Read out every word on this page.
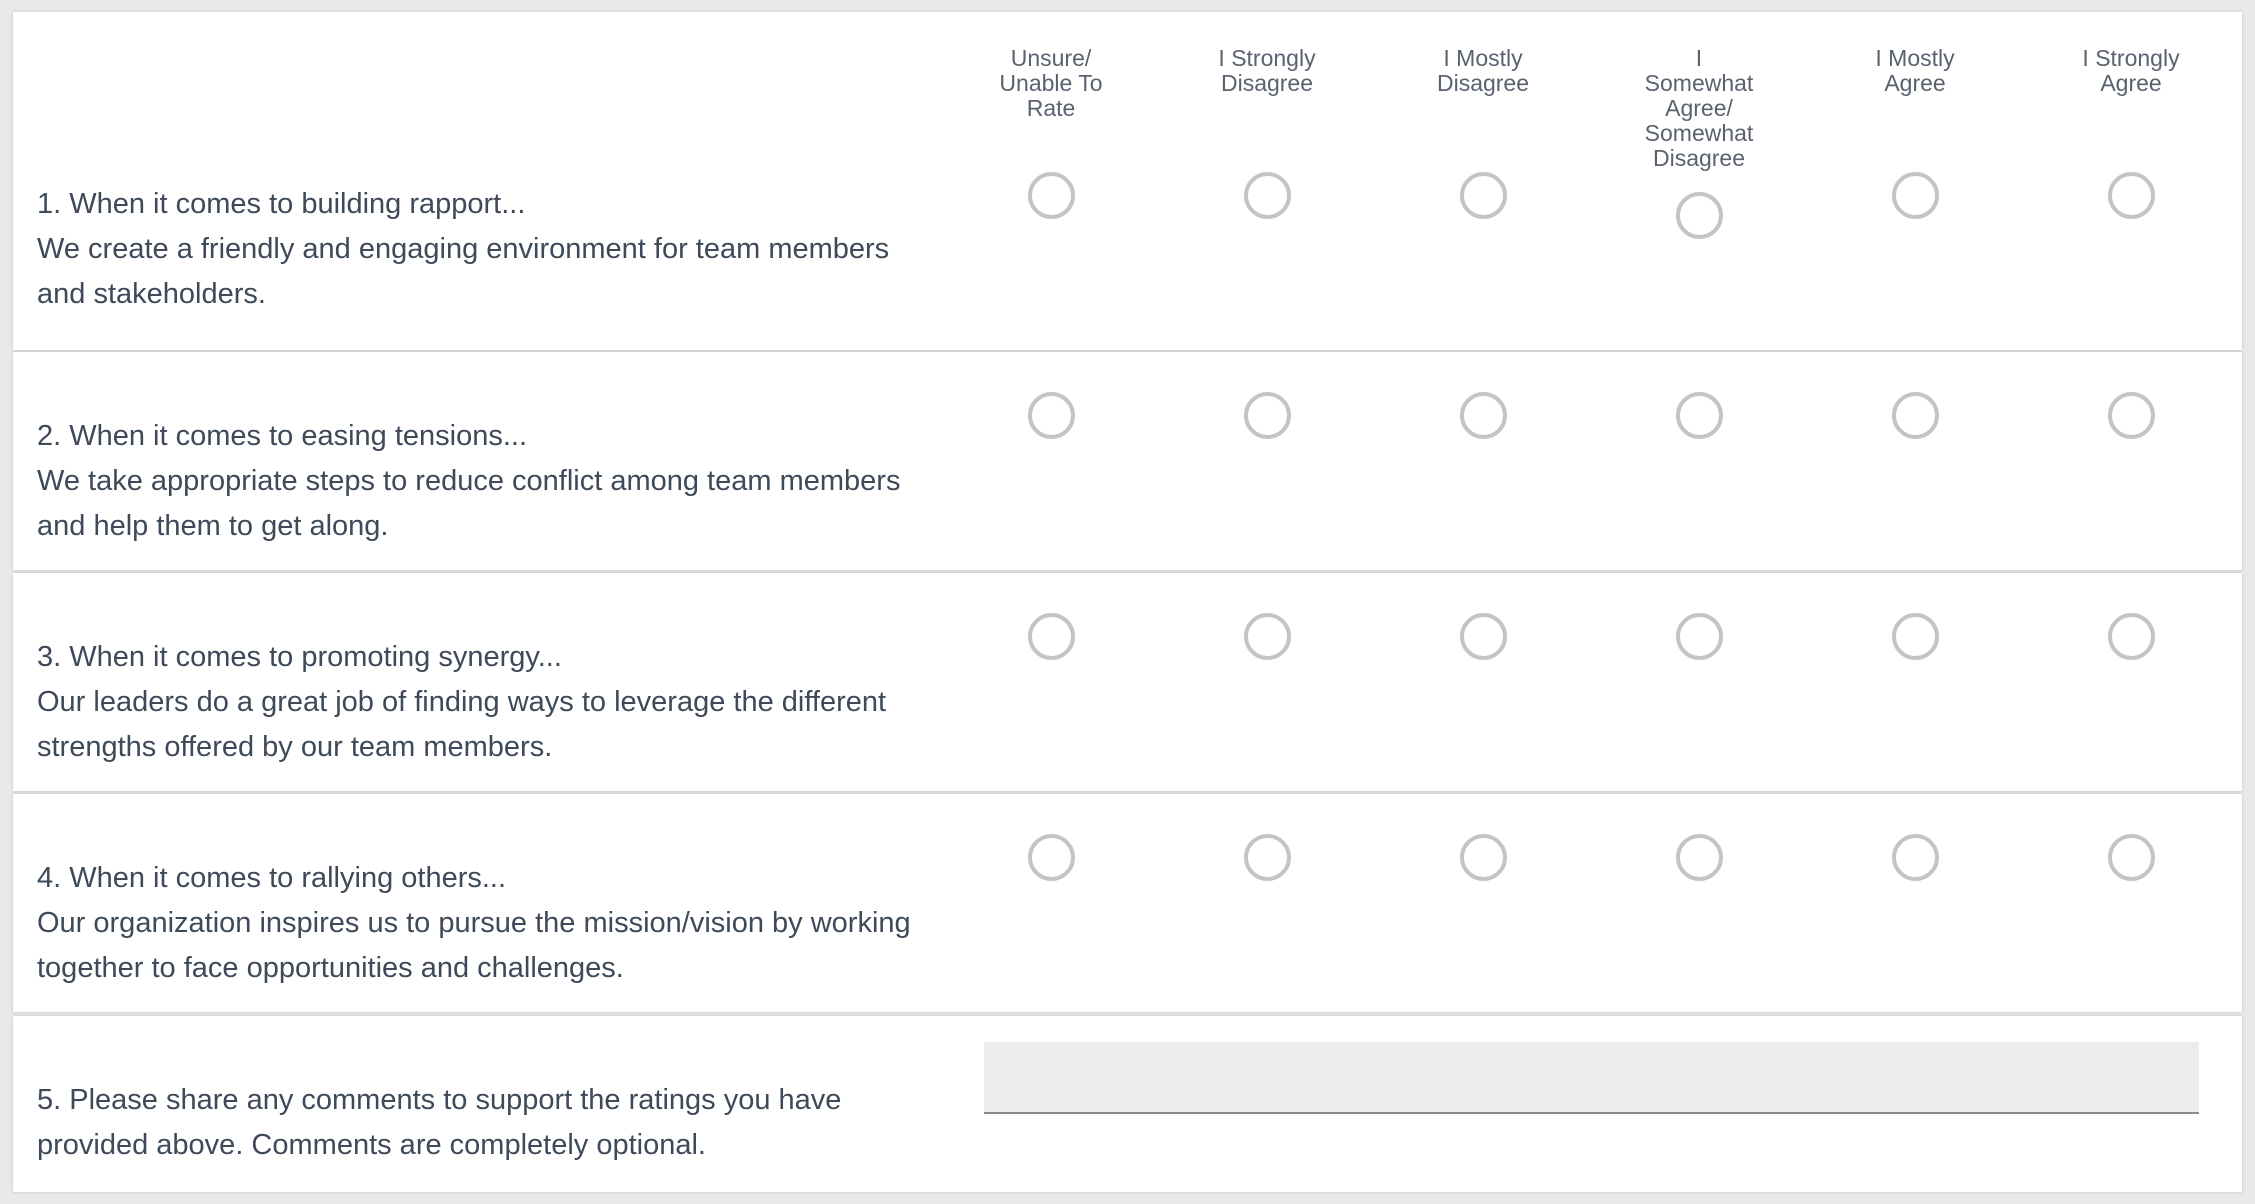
Unsure/
Unable To
Rate
I Strongly
Disagree
I Mostly
Disagree
I
Somewhat
Agree/
Somewhat
Disagree
I Mostly
Agree
I Strongly
Agree
1. When it comes to building rapport...
We create a friendly and engaging environment for team members and stakeholders.
2. When it comes to easing tensions...
We take appropriate steps to reduce conflict among team members and help them to get along.
3. When it comes to promoting synergy...
Our leaders do a great job of finding ways to leverage the different strengths offered by our team members.
4. When it comes to rallying others...
Our organization inspires us to pursue the mission/vision by working together to face opportunities and challenges.
5. Please share any comments to support the ratings you have provided above. Comments are completely optional.
